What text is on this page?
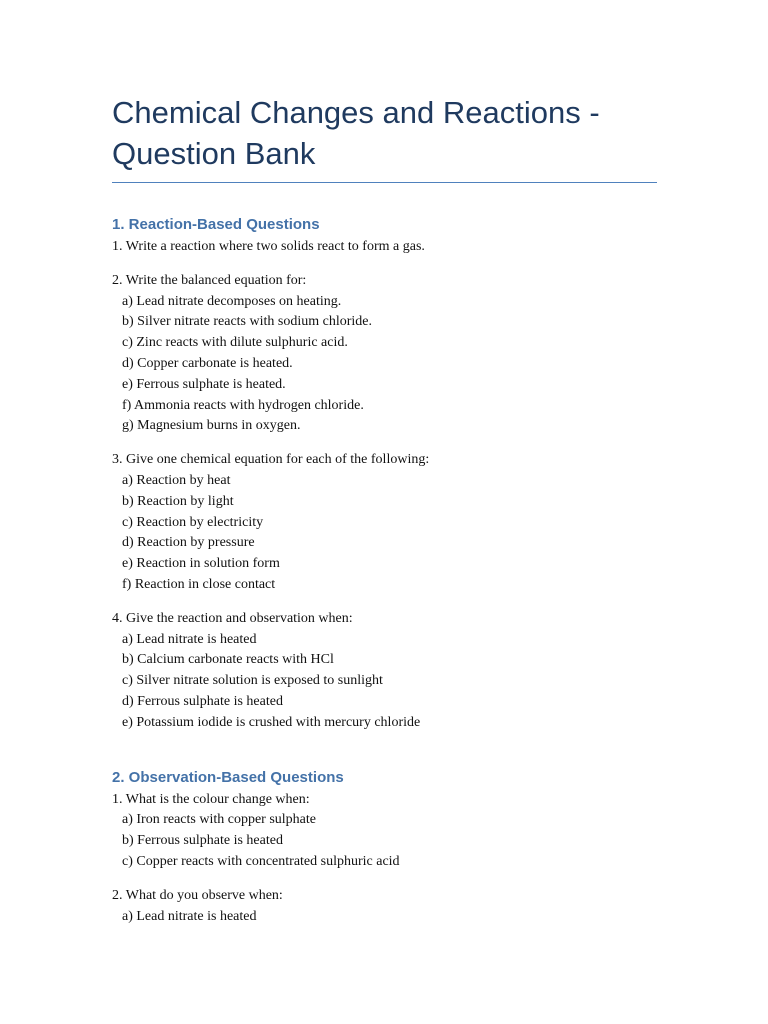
Chemical Changes and Reactions - Question Bank
1. Reaction-Based Questions
1. Write a reaction where two solids react to form a gas.
2. Write the balanced equation for:
a) Lead nitrate decomposes on heating.
b) Silver nitrate reacts with sodium chloride.
c) Zinc reacts with dilute sulphuric acid.
d) Copper carbonate is heated.
e) Ferrous sulphate is heated.
f) Ammonia reacts with hydrogen chloride.
g) Magnesium burns in oxygen.
3. Give one chemical equation for each of the following:
a) Reaction by heat
b) Reaction by light
c) Reaction by electricity
d) Reaction by pressure
e) Reaction in solution form
f) Reaction in close contact
4. Give the reaction and observation when:
a) Lead nitrate is heated
b) Calcium carbonate reacts with HCl
c) Silver nitrate solution is exposed to sunlight
d) Ferrous sulphate is heated
e) Potassium iodide is crushed with mercury chloride
2. Observation-Based Questions
1. What is the colour change when:
a) Iron reacts with copper sulphate
b) Ferrous sulphate is heated
c) Copper reacts with concentrated sulphuric acid
2. What do you observe when:
a) Lead nitrate is heated
